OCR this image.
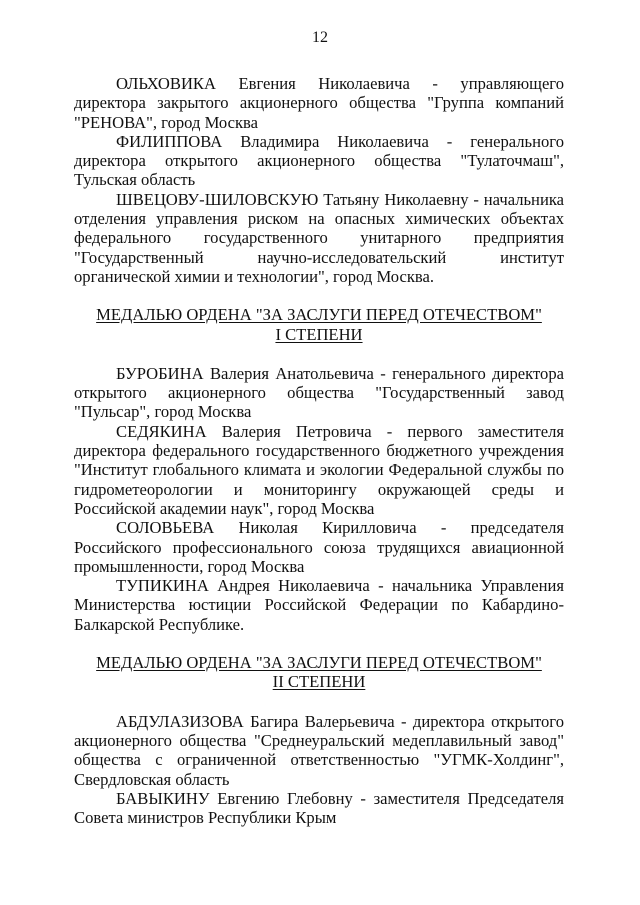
12

ОЛЬХОВИКА Евгения Николаевича - управляющего директора закрытого акционерного общества "Группа компаний "РЕНОВА", город Москва

ФИЛИППОВА Владимира Николаевича - генерального директора открытого акционерного общества "Тулаточмаш", Тульская область

ШВЕЦОВУ-ШИЛОВСКУЮ Татьяну Николаевну - начальника отделения управления риском на опасных химических объектах федерального государственного унитарного предприятия "Государственный научно-исследовательский институт органической химии и технологии", город Москва.

МЕДАЛЬЮ ОРДЕНА "ЗА ЗАСЛУГИ ПЕРЕД ОТЕЧЕСТВОМ"
I СТЕПЕНИ

БУРОБИНА Валерия Анатольевича - генерального директора открытого акционерного общества "Государственный завод "Пульсар", город Москва

СЕДЯКИНА Валерия Петровича - первого заместителя директора федерального государственного бюджетного учреждения "Институт глобального климата и экологии Федеральной службы по гидрометеорологии и мониторингу окружающей среды и Российской академии наук", город Москва

СОЛОВЬЕВА Николая Кирилловича - председателя Российского профессионального союза трудящихся авиационной промышленности, город Москва

ТУПИКИНА Андрея Николаевича - начальника Управления Министерства юстиции Российской Федерации по Кабардино-Балкарской Республике.

МЕДАЛЬЮ ОРДЕНА "ЗА ЗАСЛУГИ ПЕРЕД ОТЕЧЕСТВОМ"
II СТЕПЕНИ

АБДУЛАЗИЗОВА Багира Валерьевича - директора открытого акционерного общества "Среднеуральский медеплавильный завод" общества с ограниченной ответственностью "УГМК-Холдинг", Свердловская область

БАВЫКИНУ Евгению Глебовну - заместителя Председателя Совета министров Республики Крым
